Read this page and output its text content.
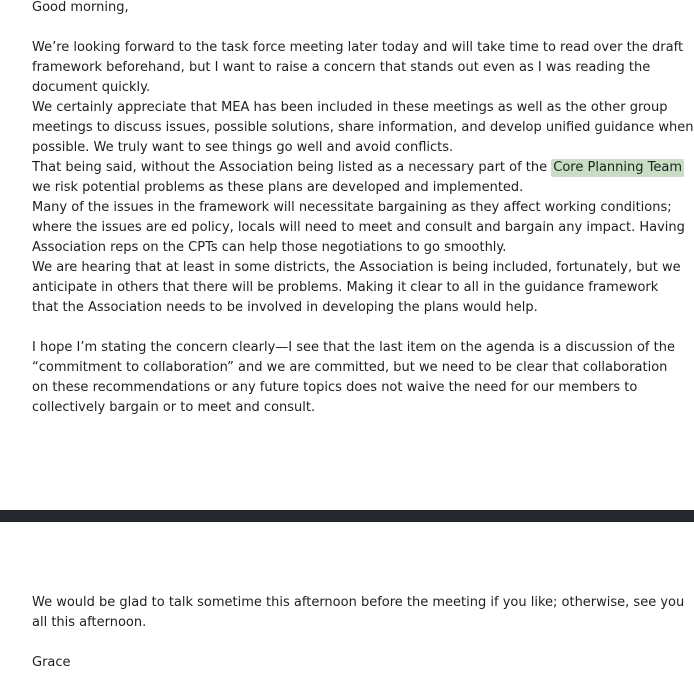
Good morning,
We’re looking forward to the task force meeting later today and will take time to read over the draft
framework beforehand, but I want to raise a concern that stands out even as I was reading the
document quickly.
We certainly appreciate that MEA has been included in these meetings as well as the other group
meetings to discuss issues, possible solutions, share information, and develop unified guidance when
possible. We truly want to see things go well and avoid conflicts.
That being said, without the Association being listed as a necessary part of the Core Planning Team
we risk potential problems as these plans are developed and implemented.
Many of the issues in the framework will necessitate bargaining as they affect working conditions;
where the issues are ed policy, locals will need to meet and consult and bargain any impact. Having
Association reps on the CPTs can help those negotiations to go smoothly.
We are hearing that at least in some districts, the Association is being included, fortunately, but we
anticipate in others that there will be problems. Making it clear to all in the guidance framework
that the Association needs to be involved in developing the plans would help.
I hope I’m stating the concern clearly—I see that the last item on the agenda is a discussion of the
“commitment to collaboration” and we are committed, but we need to be clear that collaboration
on these recommendations or any future topics does not waive the need for our members to
collectively bargain or to meet and consult.
We would be glad to talk sometime this afternoon before the meeting if you like; otherwise, see you
all this afternoon.
Grace
